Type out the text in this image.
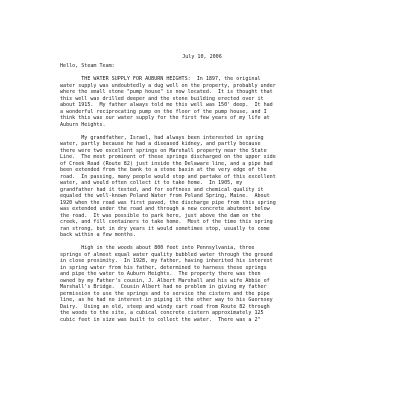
July 10, 2006
Hello, Steam Team:
THE WATER SUPPLY FOR AUBURN HEIGHTS:  In 1897, the original
water supply was undoubtedly a dug well on the property, probably under
where the small stone "pump house" is now located.  It is thought that
this well was drilled deeper and the stone building erected over it
about 1915.  My father always told me this well was 150' deep.  It had
a wonderful reciprocating pump on the floor of the pump house, and I
think this was our water supply for the first few years of my life at
Auburn Heights.
My grandfather, Israel, had always been interested in spring
water, partly because he had a diseased kidney, and partly because
there were two excellent springs on Marshall property near the State
Line.  The most prominent of these springs discharged on the upper side
of Creek Road (Route 82) just inside the Delaware line, and a pipe had
been extended from the bank to a stone basin at the very edge of the
road.  In passing, many people would stop and partake of this excellent
water, and would often collect it to take home.  In 1905, my
grandfather had it tested, and for softness and chemical quality it
equaled the well-known Poland Water from Poland Spring, Maine.  About
1920 when the road was first paved, the discharge pipe from this spring
was extended under the road and through a new concrete abutment below
the road.  It was possible to park here, just above the dam on the
creek, and fill containers to take home.  Most of the time this spring
ran strong, but in dry years it would sometimes stop, usually to come
back within a few months.
High in the woods about 800 feet into Pennsylvania, three
springs of almost equal water quality bubbled water through the ground
in close proximity.  In 1928, my father, having inherited his interest
in spring water from his father, determined to harness these springs
and pipe the water to Auburn Heights.  The property there was then
owned by my Father's cousin, J. Albert Marshall and his wife Abbie of
Marshall's Bridge.  Cousin Albert had no problem in giving my father
permission to use the springs and to service the cistern and the pipe
line, as he had no interest in piping it the other way to his Guernsey
Dairy.  Using an old, steep and windy cart road from Route 82 through
the woods to the site, a cubical concrete cistern approximately 125
cubic feet in size was built to collect the water.  There was a 2"
